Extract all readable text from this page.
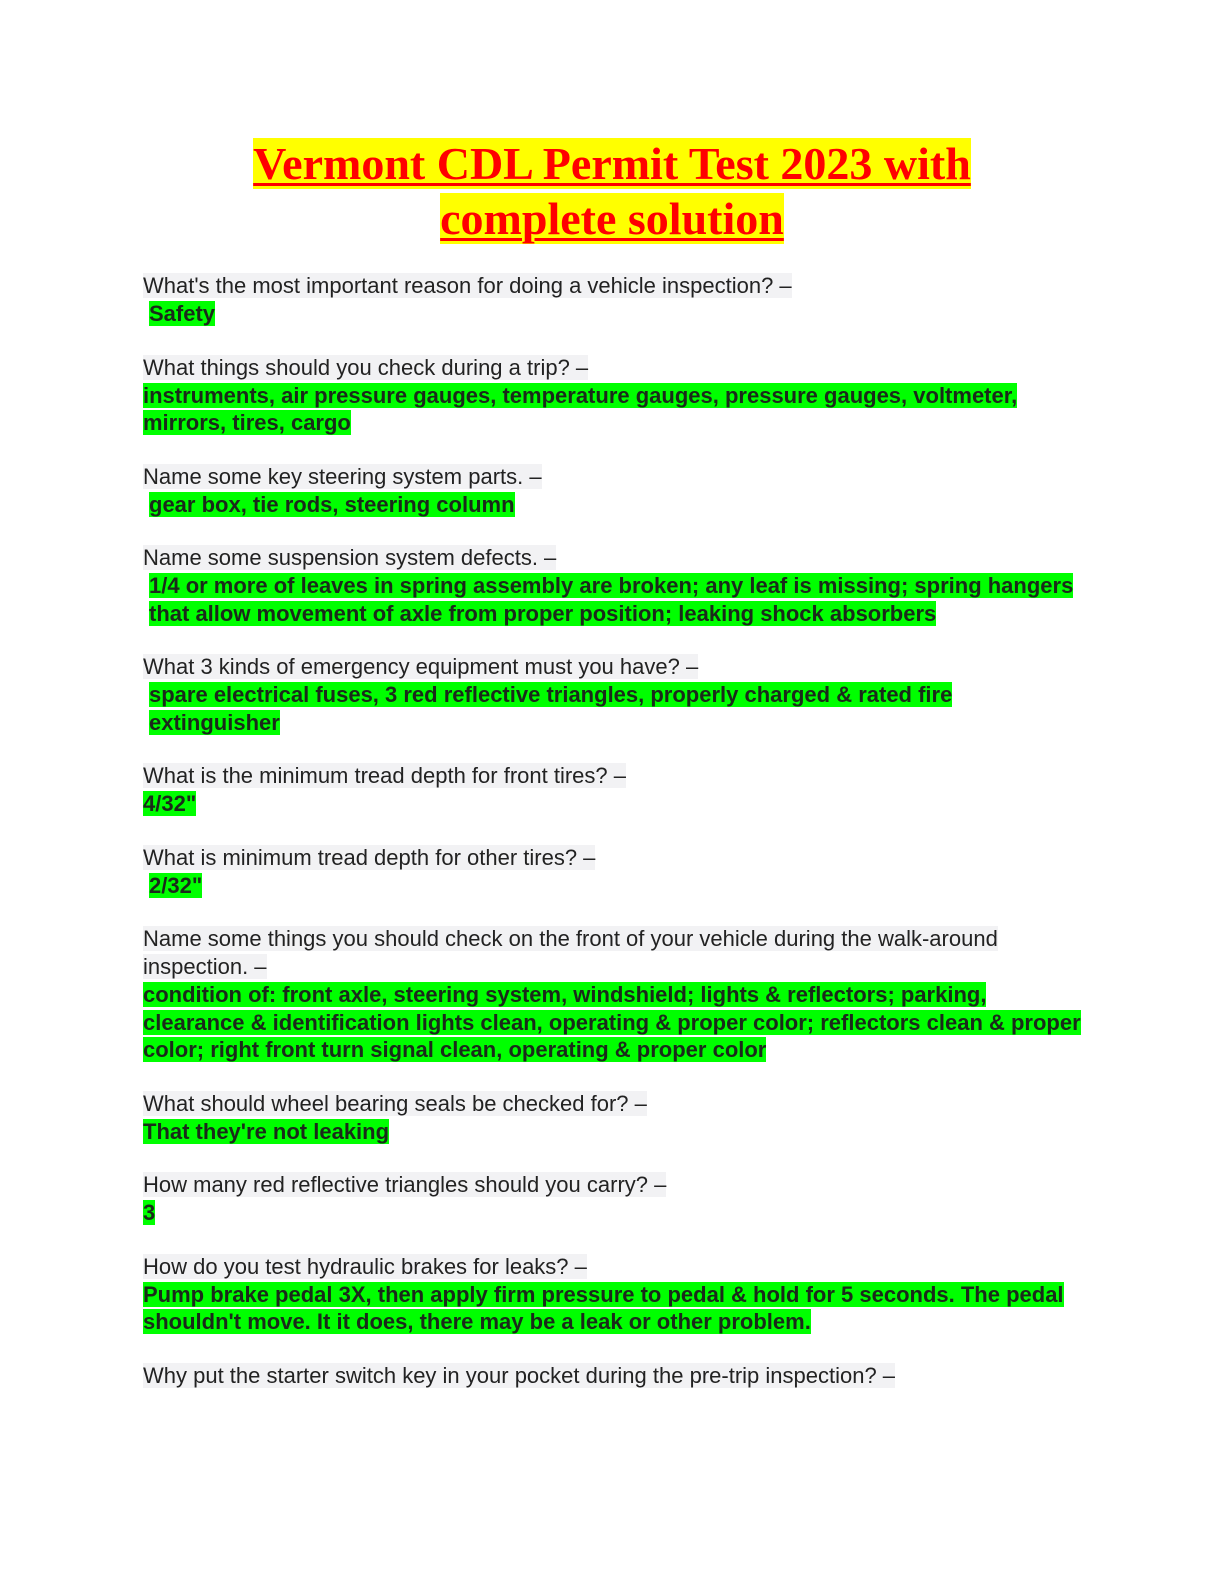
Vermont CDL Permit Test 2023 with
complete solution
What's the most important reason for doing a vehicle inspection? –
Safety
What things should you check during a trip? –
instruments, air pressure gauges, temperature gauges, pressure gauges, voltmeter, mirrors, tires, cargo
Name some key steering system parts. –
gear box, tie rods, steering column
Name some suspension system defects. –
1/4 or more of leaves in spring assembly are broken; any leaf is missing; spring hangers that allow movement of axle from proper position; leaking shock absorbers
What 3 kinds of emergency equipment must you have? –
spare electrical fuses, 3 red reflective triangles, properly charged & rated fire extinguisher
What is the minimum tread depth for front tires? –
4/32"
What is minimum tread depth for other tires? –
2/32"
Name some things you should check on the front of your vehicle during the walk-around inspection. –
condition of: front axle, steering system, windshield; lights & reflectors; parking, clearance & identification lights clean, operating & proper color; reflectors clean & proper color; right front turn signal clean, operating & proper color
What should wheel bearing seals be checked for? –
That they're not leaking
How many red reflective triangles should you carry? –
3
How do you test hydraulic brakes for leaks? –
Pump brake pedal 3X, then apply firm pressure to pedal & hold for 5 seconds. The pedal shouldn't move. It it does, there may be a leak or other problem.
Why put the starter switch key in your pocket during the pre-trip inspection? –
